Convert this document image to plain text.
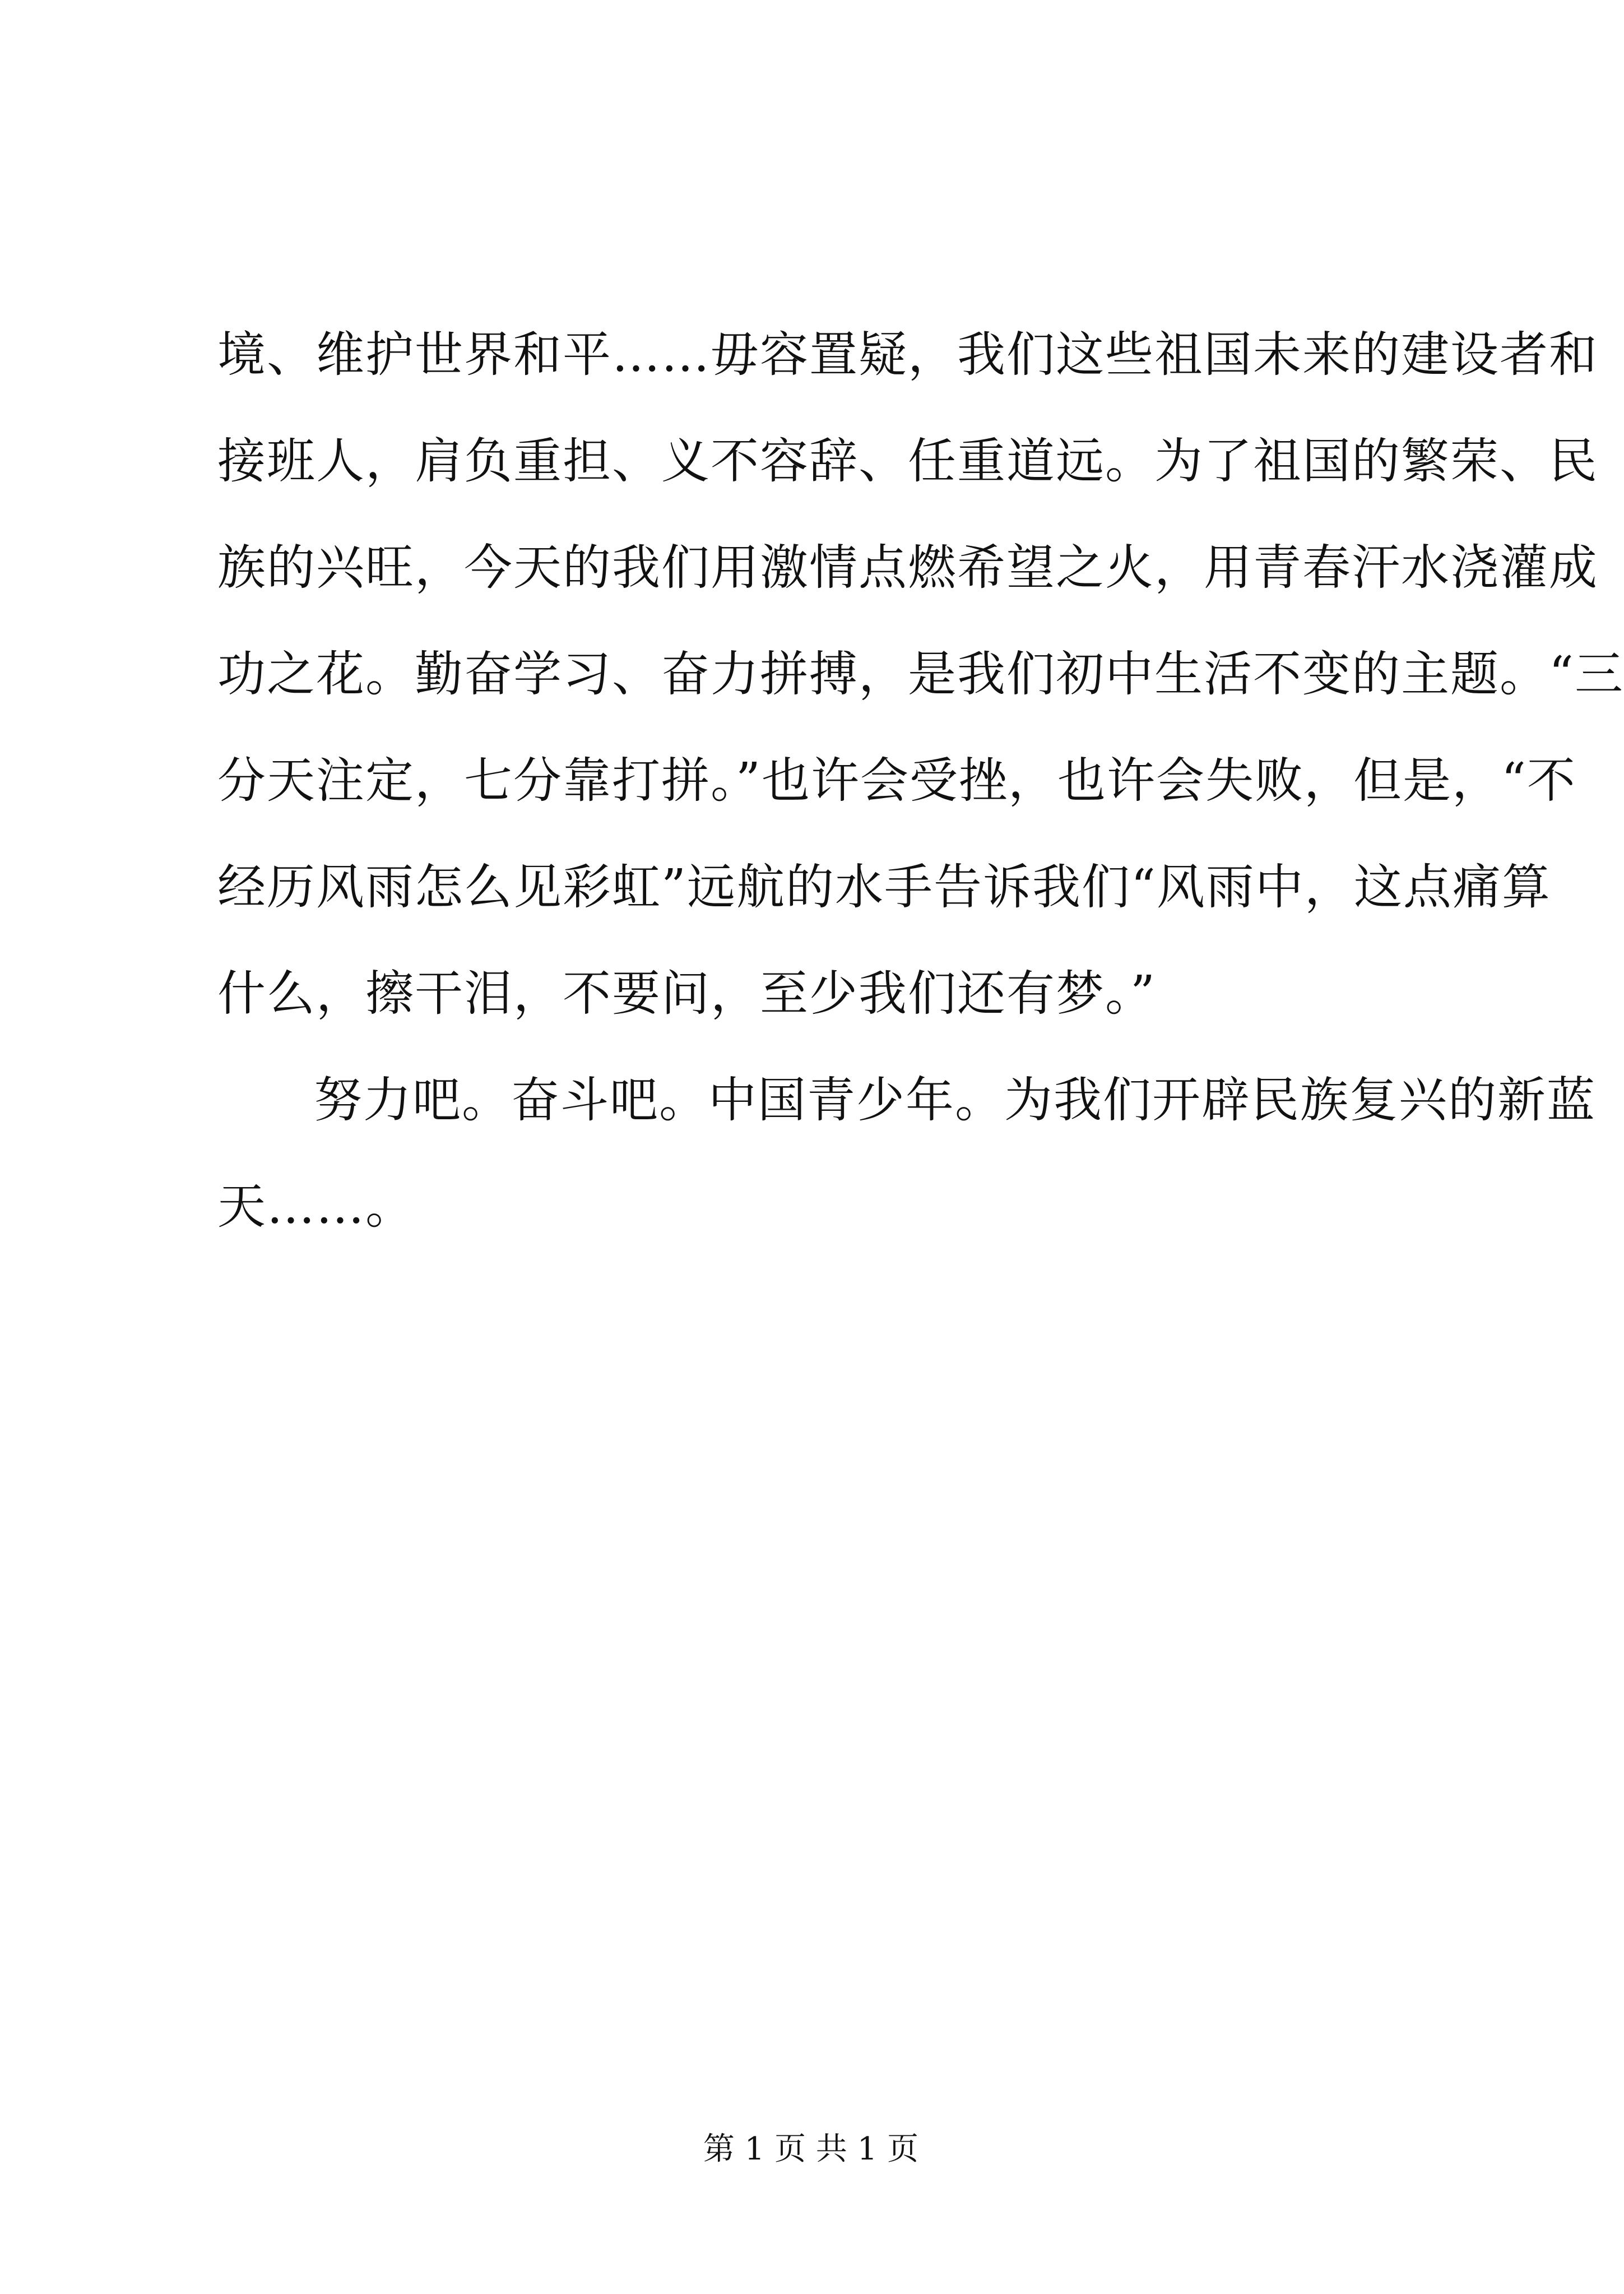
境、维护世界和平……毋容置疑，我们这些祖国未来的建设者和
接班人，肩负重担、义不容辞、任重道远。为了祖国的繁荣、民
族的兴旺，今天的我们用激情点燃希望之火，用青春汗水浇灌成
功之花。勤奋学习、奋力拼搏，是我们初中生活不变的主题。“三
分天注定，七分靠打拼。”也许会受挫，也许会失败，但是，“不
经历风雨怎么见彩虹”远航的水手告诉我们“风雨中，这点痛算
什么，擦干泪，不要问，至少我们还有梦。”
努力吧。奋斗吧。中国青少年。为我们开辟民族复兴的新蓝
天……。
第 1 页 共 1 页
